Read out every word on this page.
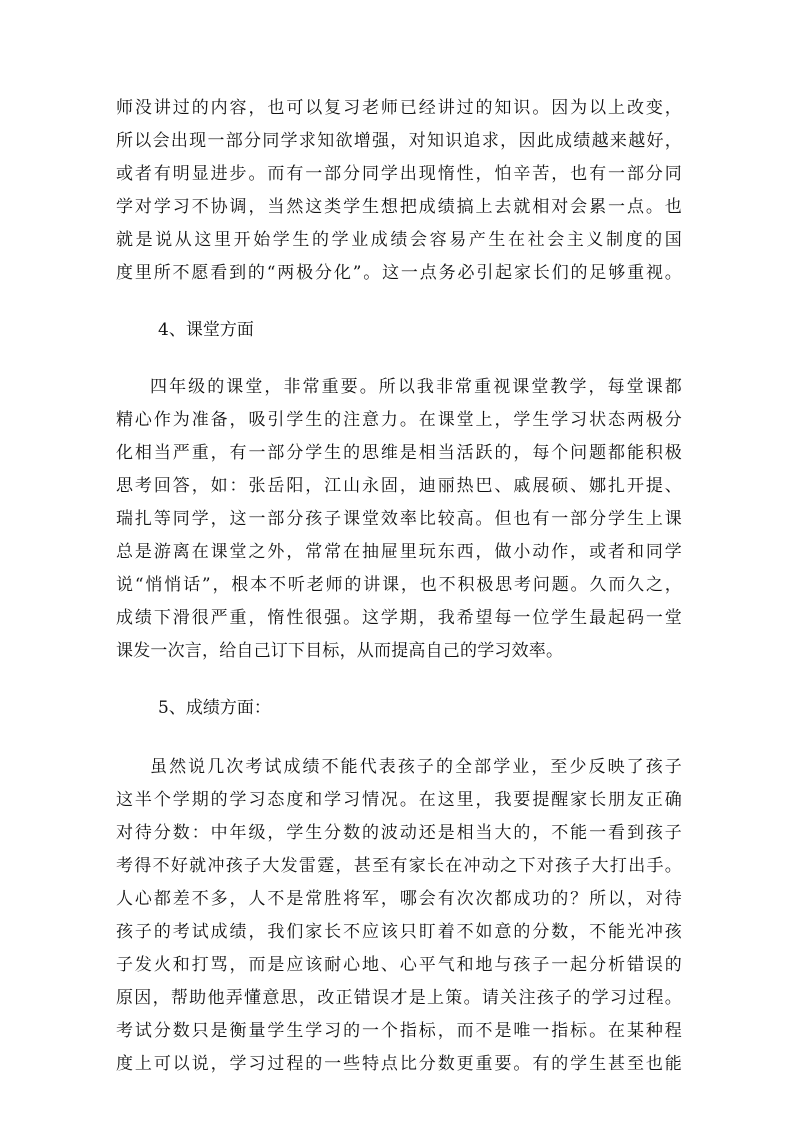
师没讲过的内容，也可以复习老师已经讲过的知识。因为以上改变，
所以会出现一部分同学求知欲增强，对知识追求，因此成绩越来越好，
或者有明显进步。而有一部分同学出现惰性，怕辛苦，也有一部分同
学对学习不协调，当然这类学生想把成绩搞上去就相对会累一点。也
就是说从这里开始学生的学业成绩会容易产生在社会主义制度的国
度里所不愿看到的“两极分化”。这一点务必引起家长们的足够重视。
4、课堂方面
四年级的课堂，非常重要。所以我非常重视课堂教学，每堂课都
精心作为准备，吸引学生的注意力。在课堂上，学生学习状态两极分
化相当严重，有一部分学生的思维是相当活跃的，每个问题都能积极
思考回答，如：张岳阳，江山永固，迪丽热巴、戚展硕、娜扎开提、
瑞扎等同学，这一部分孩子课堂效率比较高。但也有一部分学生上课
总是游离在课堂之外，常常在抽屉里玩东西，做小动作，或者和同学
说“悄悄话”，根本不听老师的讲课，也不积极思考问题。久而久之，
成绩下滑很严重，惰性很强。这学期，我希望每一位学生最起码一堂
课发一次言，给自己订下目标，从而提高自己的学习效率。
5、成绩方面：
虽然说几次考试成绩不能代表孩子的全部学业，至少反映了孩子
这半个学期的学习态度和学习情况。在这里，我要提醒家长朋友正确
对待分数：中年级，学生分数的波动还是相当大的，不能一看到孩子
考得不好就冲孩子大发雷霆，甚至有家长在冲动之下对孩子大打出手。
人心都差不多，人不是常胜将军，哪会有次次都成功的？所以，对待
孩子的考试成绩，我们家长不应该只盯着不如意的分数，不能光冲孩
子发火和打骂，而是应该耐心地、心平气和地与孩子一起分析错误的
原因，帮助他弄懂意思，改正错误才是上策。请关注孩子的学习过程。
考试分数只是衡量学生学习的一个指标，而不是唯一指标。在某种程
度上可以说，学习过程的一些特点比分数更重要。有的学生甚至也能
